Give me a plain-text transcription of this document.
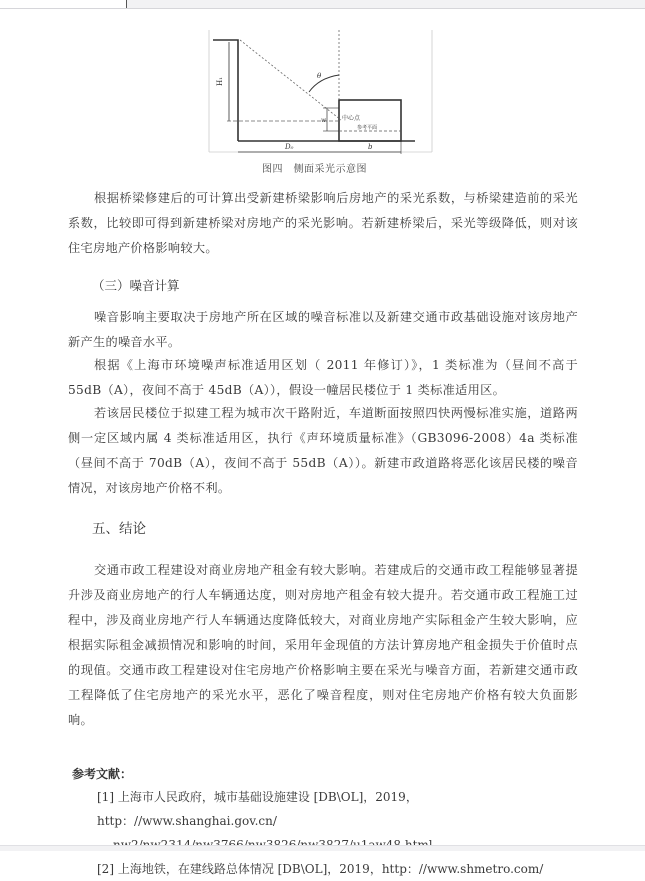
H₁
θ
w	中心点
参考平面
D₀	b
图四　侧面采光示意图
根据桥梁修建后的可计算出受新建桥梁影响后房地产的采光系数，与桥梁建造前的采光系数，比较即可得到新建桥梁对房地产的采光影响。若新建桥梁后，采光等级降低，则对该住宅房地产价格影响较大。
（三）噪音计算
噪音影响主要取决于房地产所在区域的噪音标准以及新建交通市政基础设施对该房地产新产生的噪音水平。
根据《上海市环境噪声标准适用区划（ 2011 年修订）》，1 类标准为（昼间不高于 55dB（A），夜间不高于 45dB（A）），假设一幢居民楼位于 1 类标准适用区。
若该居民楼位于拟建工程为城市次干路附近，车道断面按照四快两慢标准实施，道路两侧一定区域内属 4 类标准适用区，执行《声环境质量标准》（GB3096-2008）4a 类标准（昼间不高于 70dB（A），夜间不高于 55dB（A））。新建市政道路将恶化该居民楼的噪音情况，对该房地产价格不利。
五、结论
交通市政工程建设对商业房地产租金有较大影响。若建成后的交通市政工程能够显著提升涉及商业房地产的行人车辆通达度，则对房地产租金有较大提升。若交通市政工程施工过程中，涉及商业房地产行人车辆通达度降低较大，对商业房地产实际租金产生较大影响，应根据实际租金减损情况和影响的时间，采用年金现值的方法计算房地产租金损失于价值时点的现值。交通市政工程建设对住宅房地产价格影响主要在采光与噪音方面，若新建交通市政工程降低了住宅房地产的采光水平，恶化了噪音程度，则对住宅房地产价格有较大负面影响。
参考文献：
[1] 上海市人民政府，城市基础设施建设 [DB\OL]，2019，http：//www.shanghai.gov.cn/
[2] 上海地铁，在建线路总体情况 [DB\OL]，2019，http：//www.shmetro.com/
